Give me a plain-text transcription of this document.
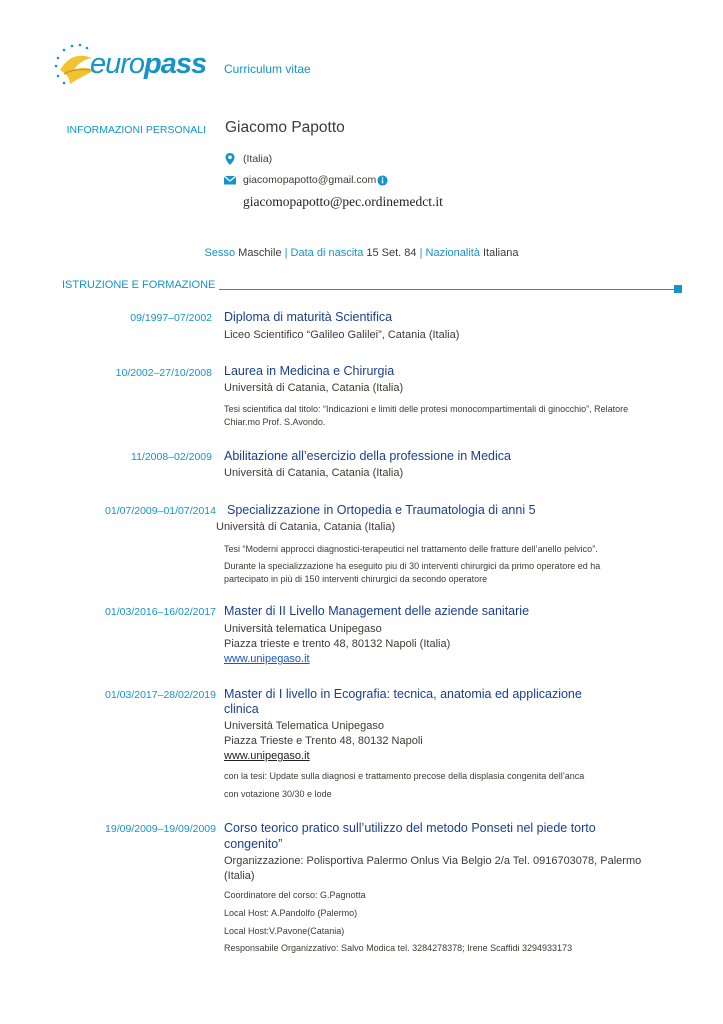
europass Curriculum vitae
INFORMAZIONI PERSONALI Giacomo Papotto
(Italia)
giacomopapotto@gmail.com
giacomopapotto@pec.ordinemedct.it
Sesso Maschile | Data di nascita 15 Set. 84 | Nazionalità Italiana
ISTRUZIONE E FORMAZIONE
09/1997–07/2002 Diploma di maturità Scientifica
Liceo Scientifico “Galileo Galilei”, Catania (Italia)
10/2002–27/10/2008 Laurea in Medicina e Chirurgia
Università di Catania, Catania (Italia)
Tesi scientifica dal titolo: “Indicazioni e limiti delle protesi monocompartimentali di ginocchio”, Relatore
Chiar.mo Prof. S.Avondo.
11/2008–02/2009 Abilitazione all’esercizio della professione in Medica
Università di Catania, Catania (Italia)
01/07/2009–01/07/2014 Specializzazione in Ortopedia e Traumatologia di anni 5
Università di Catania, Catania (Italia)
Tesi “Moderni approcci diagnostici-terapeutici nel trattamento delle fratture dell’anello pelvico”.
Durante la specializzazione ha eseguito piu di 30 interventi chirurgici da primo operatore ed ha
partecipato in più di 150 interventi chirurgici da secondo operatore
01/03/2016–16/02/2017 Master di II Livello Management delle aziende sanitarie
Università telematica Unipegaso
Piazza trieste e trento 48, 80132 Napoli (Italia)
www.unipegaso.it
01/03/2017–28/02/2019 Master di I livello in Ecografia: tecnica, anatomia ed applicazione
clinica
Università Telematica Unipegaso
Piazza Trieste e Trento 48, 80132 Napoli
www.unipegaso.it
con la tesi: Update sulla diagnosi e trattamento precose della displasia congenita dell’anca
con votazione 30/30 e lode
19/09/2009–19/09/2009 Corso teorico pratico sull’utilizzo del metodo Ponseti nel piede torto
congenito”
Organizzazione: Polisportiva Palermo Onlus Via Belgio 2/a Tel. 0916703078, Palermo
(Italia)
Coordinatore del corso: G.Pagnotta
Local Host: A.Pandolfo (Palermo)
Local Host:V.Pavone(Catania)
Responsabile Organizzativo: Salvo Modica tel. 3284278378; Irene Scaffidi 3294933173
